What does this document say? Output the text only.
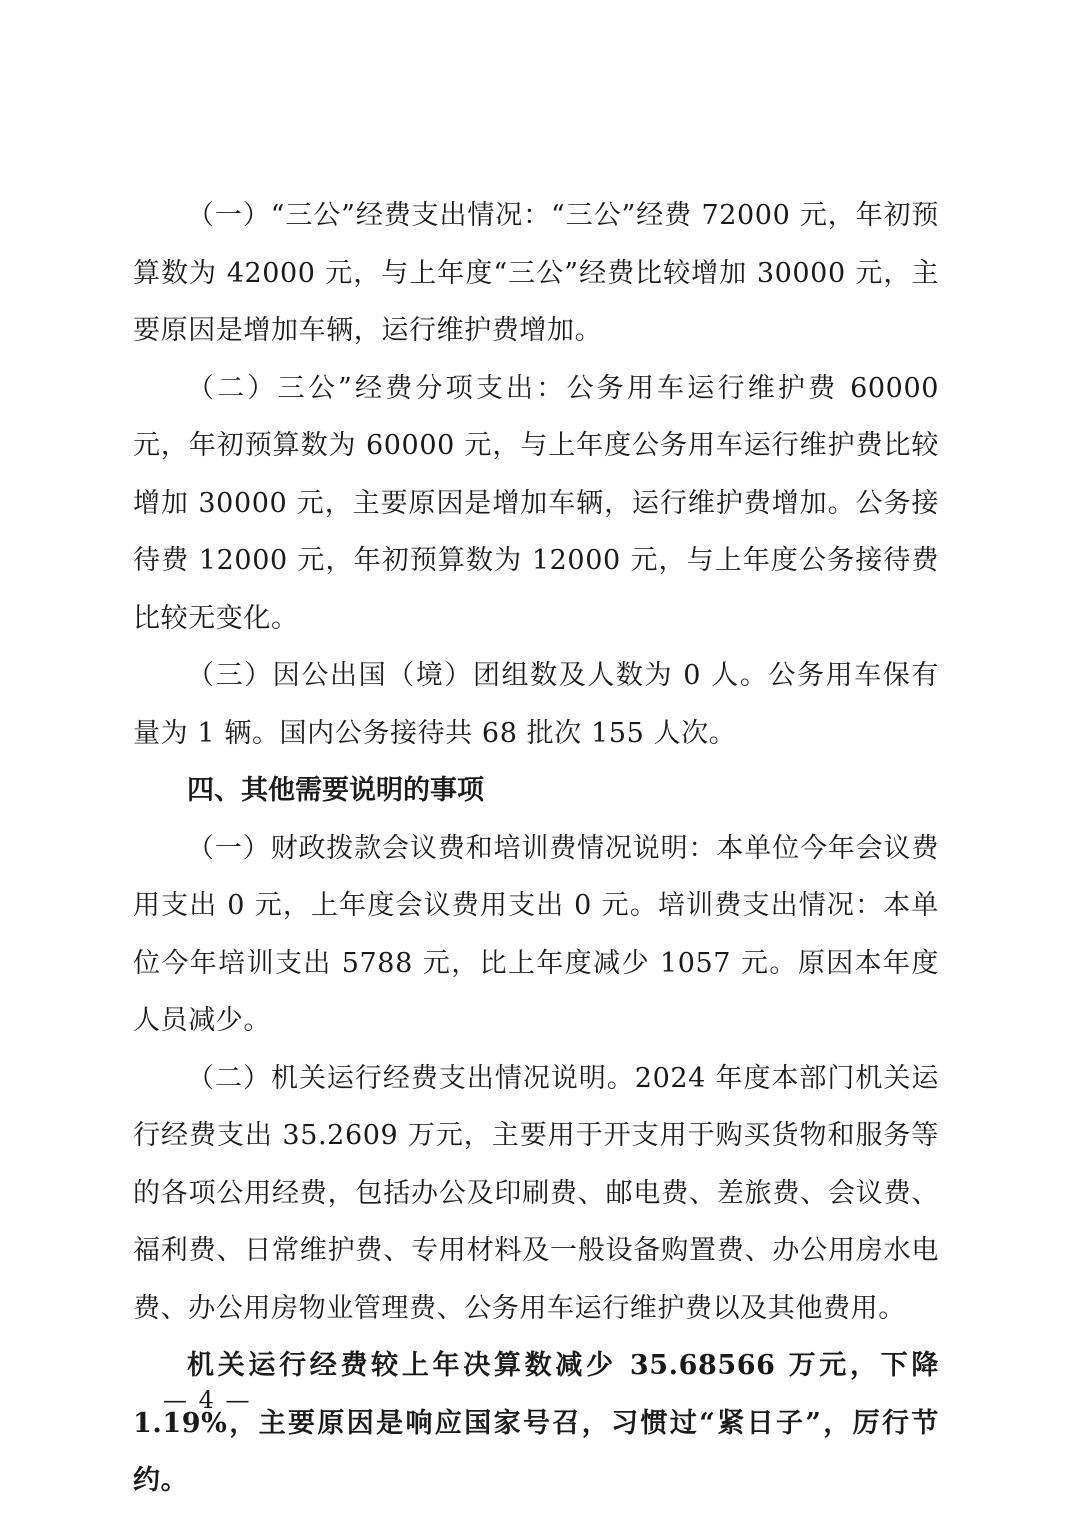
（一）“三公”经费支出情况：“三公”经费 72000 元，年初预算数为 42000 元，与上年度“三公”经费比较增加 30000 元，主要原因是增加车辆，运行维护费增加。

（二）三公”经费分项支出：公务用车运行维护费 60000 元，年初预算数为 60000 元，与上年度公务用车运行维护费比较增加 30000 元，主要原因是增加车辆，运行维护费增加。公务接待费 12000 元，年初预算数为 12000 元，与上年度公务接待费比较无变化。

（三）因公出国（境）团组数及人数为 0 人。公务用车保有量为 1 辆。国内公务接待共 68 批次 155 人次。

四、其他需要说明的事项

（一）财政拨款会议费和培训费情况说明：本单位今年会议费用支出 0 元，上年度会议费用支出 0 元。培训费支出情况：本单位今年培训支出 5788 元，比上年度减少 1057 元。原因本年度人员减少。

（二）机关运行经费支出情况说明。2024 年度本部门机关运行经费支出 35.2609 万元，主要用于开支用于购买货物和服务等的各项公用经费，包括办公及印刷费、邮电费、差旅费、会议费、福利费、日常维护费、专用材料及一般设备购置费、办公用房水电费、办公用房物业管理费、公务用车运行维护费以及其他费用。

机关运行经费较上年决算数减少 35.68566 万元，下降 1.19%，主要原因是响应国家号召，习惯过“紧日子”，厉行节约。

— 4 —
